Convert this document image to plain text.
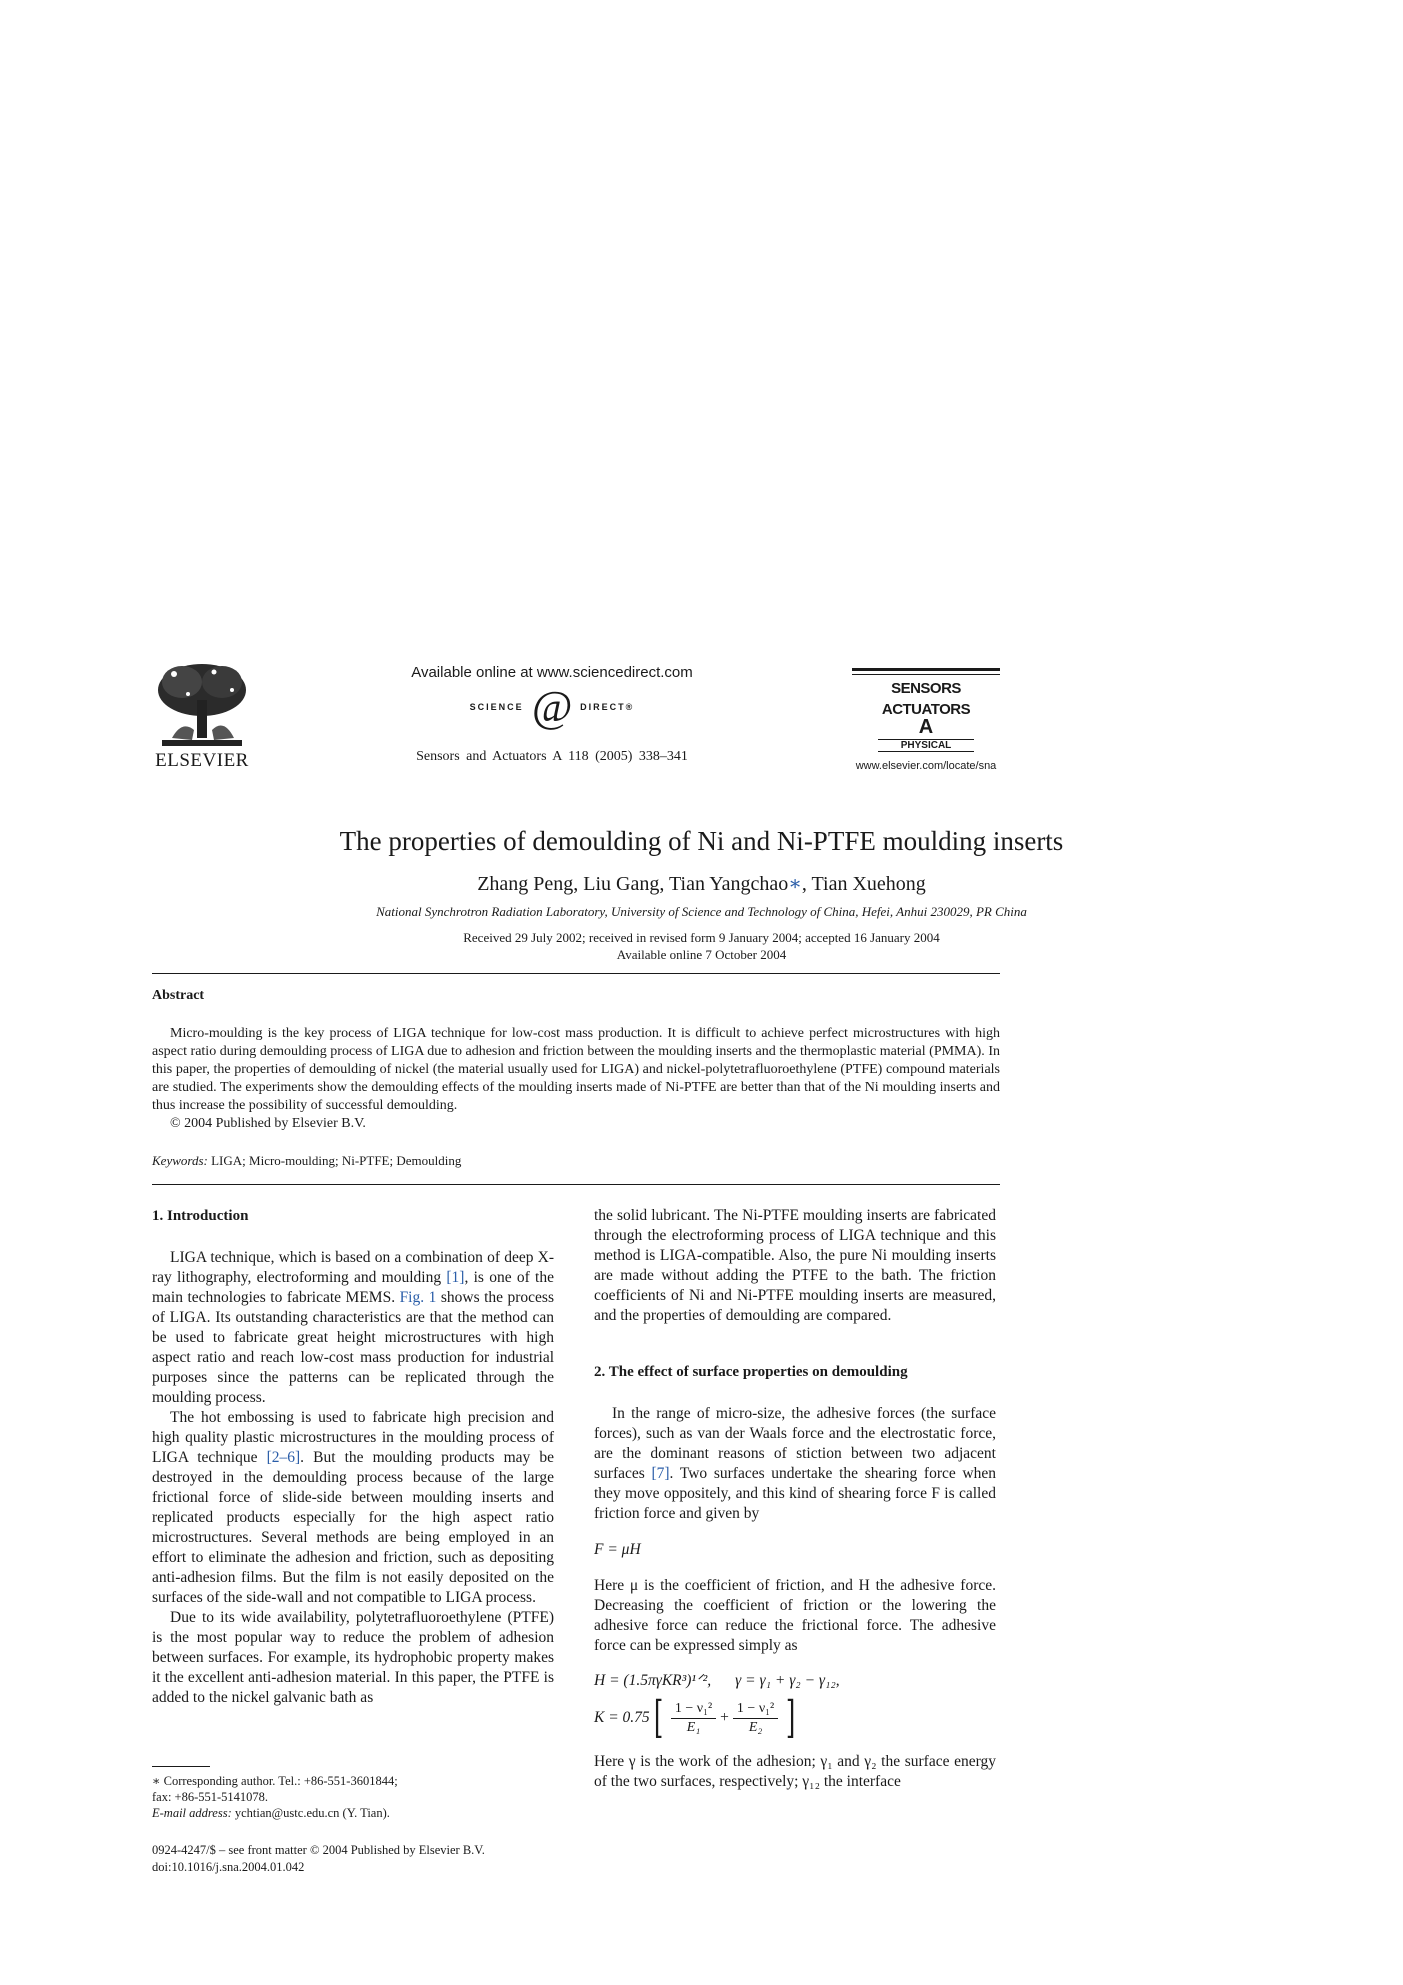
ELSEVIER
Available online at www.sciencedirect.com
SCIENCE @ DIRECT®
Sensors and Actuators A 118 (2005) 338–341
SENSORS
ACTUATORS
A
PHYSICAL
www.elsevier.com/locate/sna
The properties of demoulding of Ni and Ni-PTFE moulding inserts
Zhang Peng, Liu Gang, Tian Yangchao∗, Tian Xuehong
National Synchrotron Radiation Laboratory, University of Science and Technology of China, Hefei, Anhui 230029, PR China
Received 29 July 2002; received in revised form 9 January 2004; accepted 16 January 2004
Available online 7 October 2004
Abstract

Micro-moulding is the key process of LIGA technique for low-cost mass production. It is difficult to achieve perfect microstructures with high aspect ratio during demoulding process of LIGA due to adhesion and friction between the moulding inserts and the thermoplastic material (PMMA). In this paper, the properties of demoulding of nickel (the material usually used for LIGA) and nickel-polytetrafluoroethylene (PTFE) compound materials are studied. The experiments show the demoulding effects of the moulding inserts made of Ni-PTFE are better than that of the Ni moulding inserts and thus increase the possibility of successful demoulding.

© 2004 Published by Elsevier B.V.

Keywords: LIGA; Micro-moulding; Ni-PTFE; Demoulding
1. Introduction

LIGA technique, which is based on a combination of deep X-ray lithography, electroforming and moulding [1], is one of the main technologies to fabricate MEMS. Fig. 1 shows the process of LIGA. Its outstanding characteristics are that the method can be used to fabricate great height microstructures with high aspect ratio and reach low-cost mass production for industrial purposes since the patterns can be replicated through the moulding process.

The hot embossing is used to fabricate high precision and high quality plastic microstructures in the moulding process of LIGA technique [2–6]. But the moulding products may be destroyed in the demoulding process because of the large frictional force of slide-side between moulding inserts and replicated products especially for the high aspect ratio microstructures. Several methods are being employed in an effort to eliminate the adhesion and friction, such as depositing anti-adhesion films. But the film is not easily deposited on the surfaces of the side-wall and not compatible to LIGA process.

Due to its wide availability, polytetrafluoroethylene (PTFE) is the most popular way to reduce the problem of adhesion between surfaces. For example, its hydrophobic property makes it the excellent anti-adhesion material. In this paper, the PTFE is added to the nickel galvanic bath as

the solid lubricant. The Ni-PTFE moulding inserts are fabricated through the electroforming process of LIGA technique and this method is LIGA-compatible. Also, the pure Ni moulding inserts are made without adding the PTFE to the bath. The friction coefficients of Ni and Ni-PTFE moulding inserts are measured, and the properties of demoulding are compared.

2. The effect of surface properties on demoulding

In the range of micro-size, the adhesive forces (the surface forces), such as van der Waals force and the electrostatic force, are the dominant reasons of stiction between two adjacent surfaces [7]. Two surfaces undertake the shearing force when they move oppositely, and this kind of shearing force F is called friction force and given by

F = μH

Here μ is the coefficient of friction, and H the adhesive force. Decreasing the coefficient of friction or the lowering the adhesive force can reduce the frictional force. The adhesive force can be expressed simply as

H = (1.5πγKR³)¹ᐟ², γ = γ₁ + γ₂ − γ₁₂,
K = 0.75 [ $\frac{\text{1 − ν₁²}}{\text{E₁}} + \frac{\text{1 − ν₁²}}{\text{E₂}}$ ]

Here γ is the work of the adhesion; γ₁ and γ₂ the surface energy of the two surfaces, respectively; γ₁₂ the interface

∗ Corresponding author. Tel.: +86-551-3601844;
fax: +86-551-5141078.
E-mail address: ychtian@ustc.edu.cn (Y. Tian).
0924-4247/$ – see front matter © 2004 Published by Elsevier B.V.
doi:10.1016/j.sna.2004.01.042
